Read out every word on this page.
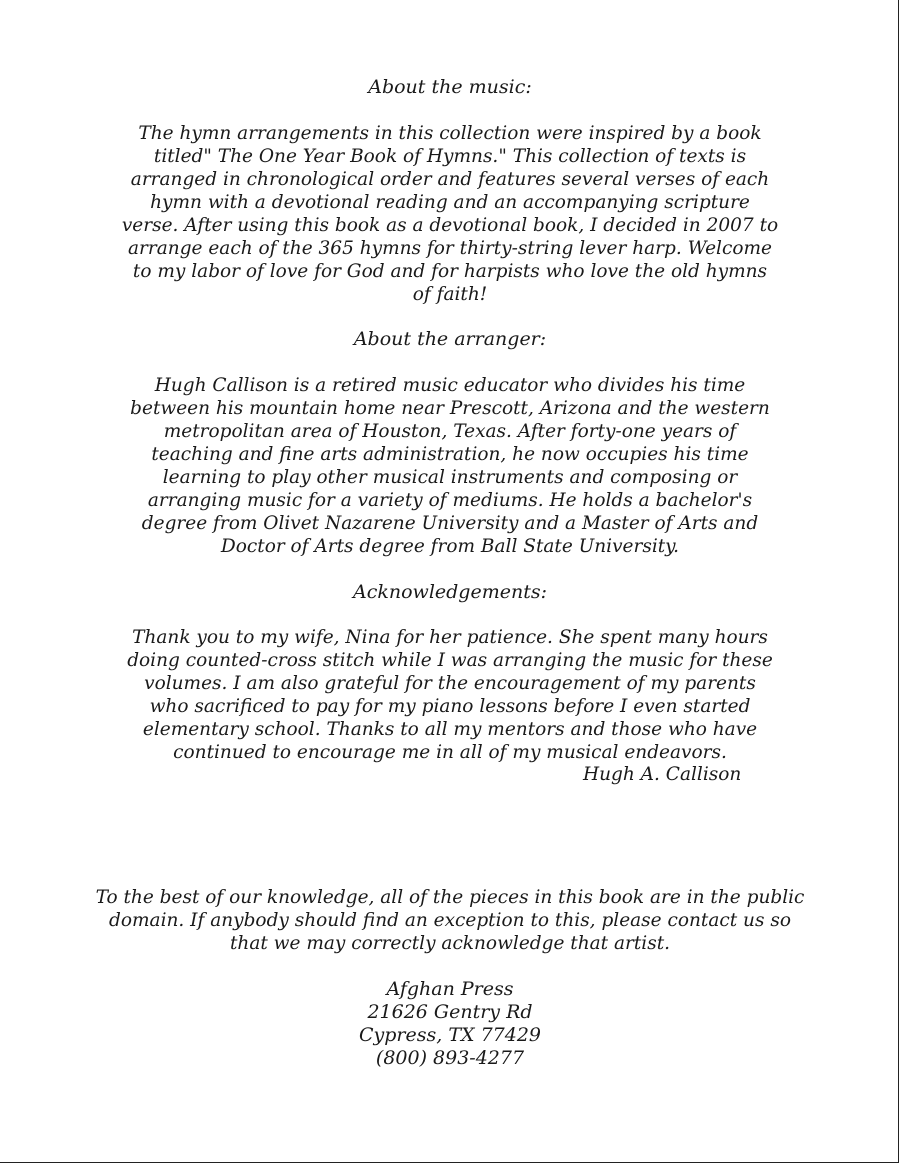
About the music:
The hymn arrangements in this collection were inspired by a book
titled" The One Year Book of Hymns." This collection of texts is
arranged in chronological order and features several verses of each
hymn with a devotional reading and an accompanying scripture
verse. After using this book as a devotional book, I decided in 2007 to
arrange each of the 365 hymns for thirty-string lever harp. Welcome
to my labor of love for God and for harpists who love the old hymns
of faith!
About the arranger:
Hugh Callison is a retired music educator who divides his time
between his mountain home near Prescott, Arizona and the western
metropolitan area of Houston, Texas. After forty-one years of
teaching and fine arts administration, he now occupies his time
learning to play other musical instruments and composing or
arranging music for a variety of mediums. He holds a bachelor's
degree from Olivet Nazarene University and a Master of Arts and
Doctor of Arts degree from Ball State University.
Acknowledgements:
Thank you to my wife, Nina for her patience. She spent many hours
doing counted-cross stitch while I was arranging the music for these
volumes. I am also grateful for the encouragement of my parents
who sacrificed to pay for my piano lessons before I even started
elementary school. Thanks to all my mentors and those who have
continued to encourage me in all of my musical endeavors.
Hugh A. Callison
To the best of our knowledge, all of the pieces in this book are in the public
domain. If anybody should find an exception to this, please contact us so
that we may correctly acknowledge that artist.
Afghan Press
21626 Gentry Rd
Cypress, TX 77429
(800) 893-4277
